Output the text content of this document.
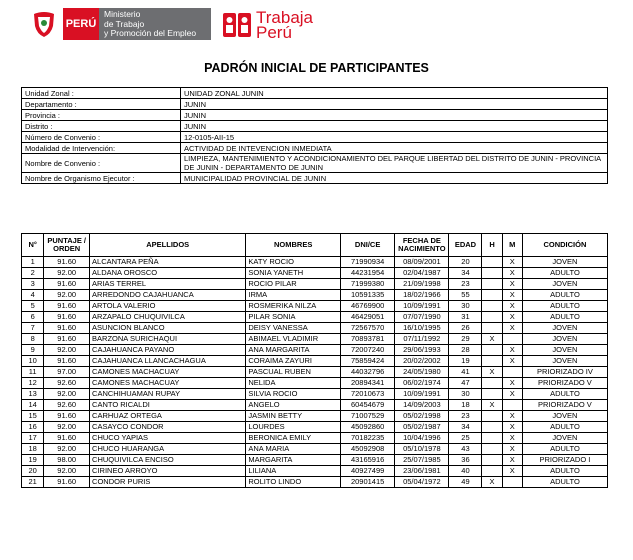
PERÚ
Ministerio
de Trabajo
y Promoción del Empleo
Trabaja
Perú
PADRÓN INICIAL DE PARTICIPANTES
Unidad Zonal :	UNIDAD ZONAL JUNIN
Departamento :	JUNIN
Provincia :	JUNIN
Distrito :	JUNIN
Número de Convenio :	12-0105-AII-15
Modalidad de Intervención:	ACTIVIDAD DE INTEVENCION INMEDIATA
Nombre de Convenio :	LIMPIEZA, MANTENIMIENTO Y ACONDICIONAMIENTO DEL PARQUE LIBERTAD DEL DISTRITO DE JUNIN - PROVINCIA DE JUNIN - DEPARTAMENTO DE JUNIN
Nombre de Organismo Ejecutor :	MUNICIPALIDAD PROVINCIAL DE JUNIN
N°	PUNTAJE / ORDEN	APELLIDOS	NOMBRES	DNI/CE	FECHA DE NACIMIENTO	EDAD	H	M	CONDICIÓN
1	91.60	ALCANTARA PEÑA	KATY ROCIO	71990934	08/09/2001	20		X	JOVEN
2	92.00	ALDANA OROSCO	SONIA YANETH	44231954	02/04/1987	34		X	ADULTO
3	91.60	ARIAS TERREL	ROCIO PILAR	71999380	21/09/1998	23		X	JOVEN
4	92.00	ARREDONDO CAJAHUANCA	IRMA	10591335	18/02/1966	55		X	ADULTO
5	91.60	ARTOLA VALERIO	ROSMERIKA NILZA	46769900	10/09/1991	30		X	ADULTO
6	91.60	ARZAPALO CHUQUIVILCA	PILAR SONIA	46429051	07/07/1990	31		X	ADULTO
7	91.60	ASUNCION BLANCO	DEISY VANESSA	72567570	16/10/1995	26		X	JOVEN
8	91.60	BARZONA SURICHAQUI	ABIMAEL VLADIMIR	70893781	07/11/1992	29	X		JOVEN
9	92.00	CAJAHUANCA PAYANO	ANA MARGARITA	72007240	29/06/1993	28		X	JOVEN
10	91.60	CAJAHUANCA LLANCACHAGUA	CORAIMA ZAYURI	75859424	20/02/2002	19		X	JOVEN
11	97.00	CAMONES MACHACUAY	PASCUAL RUBEN	44032796	24/05/1980	41	X		PRIORIZADO IV
12	92.60	CAMONES MACHACUAY	NELIDA	20894341	06/02/1974	47		X	PRIORIZADO V
13	92.00	CANCHIHUAMAN RUPAY	SILVIA ROCIO	72010673	10/09/1991	30		X	ADULTO
14	92.60	CANTO RICALDI	ANGELO	60454679	14/09/2003	18	X		PRIORIZADO V
15	91.60	CARHUAZ ORTEGA	JASMIN BETTY	71007529	05/02/1998	23		X	JOVEN
16	92.00	CASAYCO CONDOR	LOURDES	45092860	05/02/1987	34		X	ADULTO
17	91.60	CHUCO YAPIAS	BERONICA EMILY	70182235	10/04/1996	25		X	JOVEN
18	92.00	CHUCO HUARANGA	ANA MARIA	45092908	05/10/1978	43		X	ADULTO
19	98.00	CHUQUIVILCA ENCISO	MARGARITA	43165916	25/07/1985	36		X	PRIORIZADO I
20	92.00	CIRINEO ARROYO	LILIANA	40927499	23/06/1981	40		X	ADULTO
21	91.60	CONDOR PURIS	ROLITO LINDO	20901415	05/04/1972	49	X		ADULTO
